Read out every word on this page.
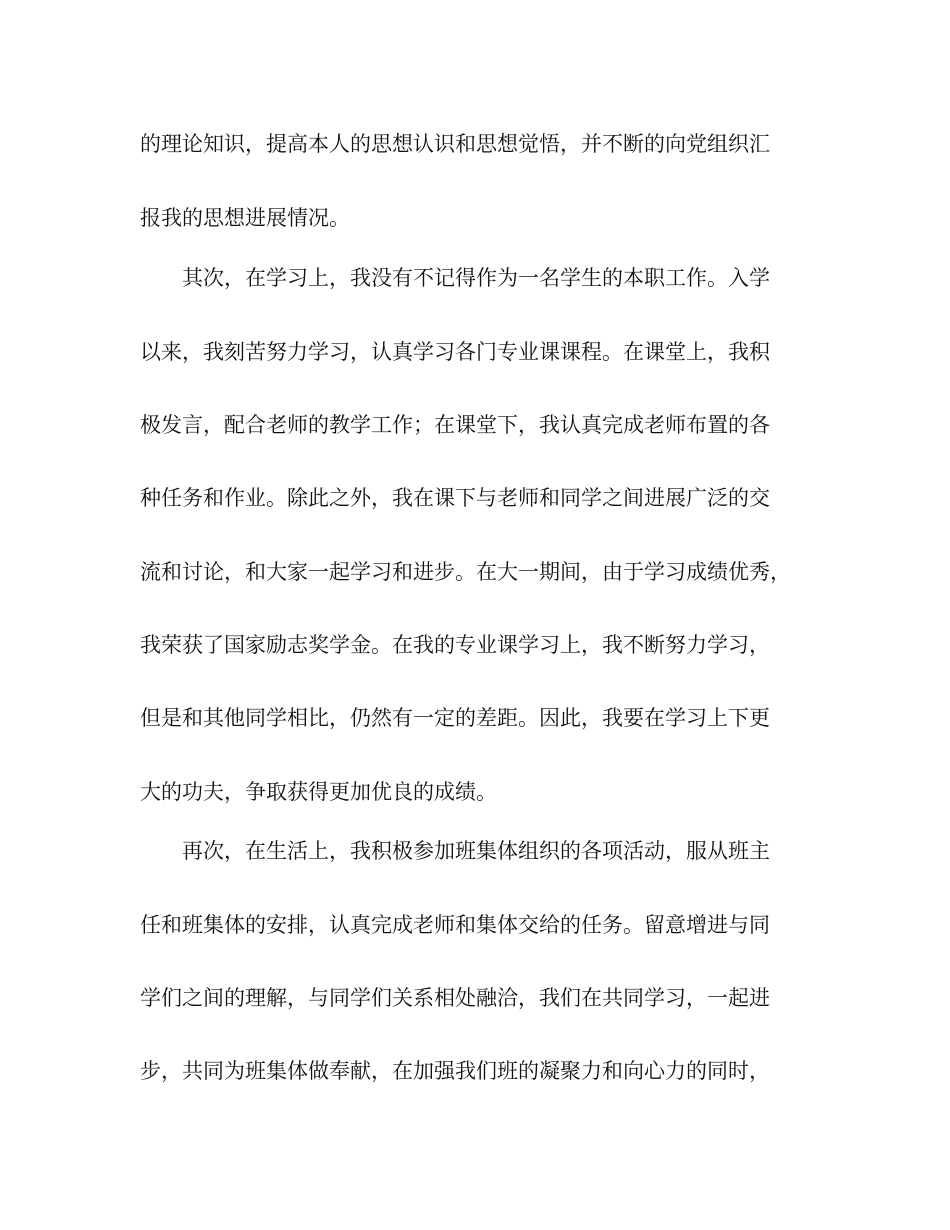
的理论知识，提高本人的思想认识和思想觉悟，并不断的向党组织汇

报我的思想进展情况。

其次，在学习上，我没有不记得作为一名学生的本职工作。入学

以来，我刻苦努力学习，认真学习各门专业课课程。在课堂上，我积

极发言，配合老师的教学工作；在课堂下，我认真完成老师布置的各

种任务和作业。除此之外，我在课下与老师和同学之间进展广泛的交

流和讨论，和大家一起学习和进步。在大一期间，由于学习成绩优秀，

我荣获了国家励志奖学金。在我的专业课学习上，我不断努力学习，

但是和其他同学相比，仍然有一定的差距。因此，我要在学习上下更

大的功夫，争取获得更加优良的成绩。

再次，在生活上，我积极参加班集体组织的各项活动，服从班主

任和班集体的安排，认真完成老师和集体交给的任务。留意增进与同

学们之间的理解，与同学们关系相处融洽，我们在共同学习，一起进

步，共同为班集体做奉献，在加强我们班的凝聚力和向心力的同时，
